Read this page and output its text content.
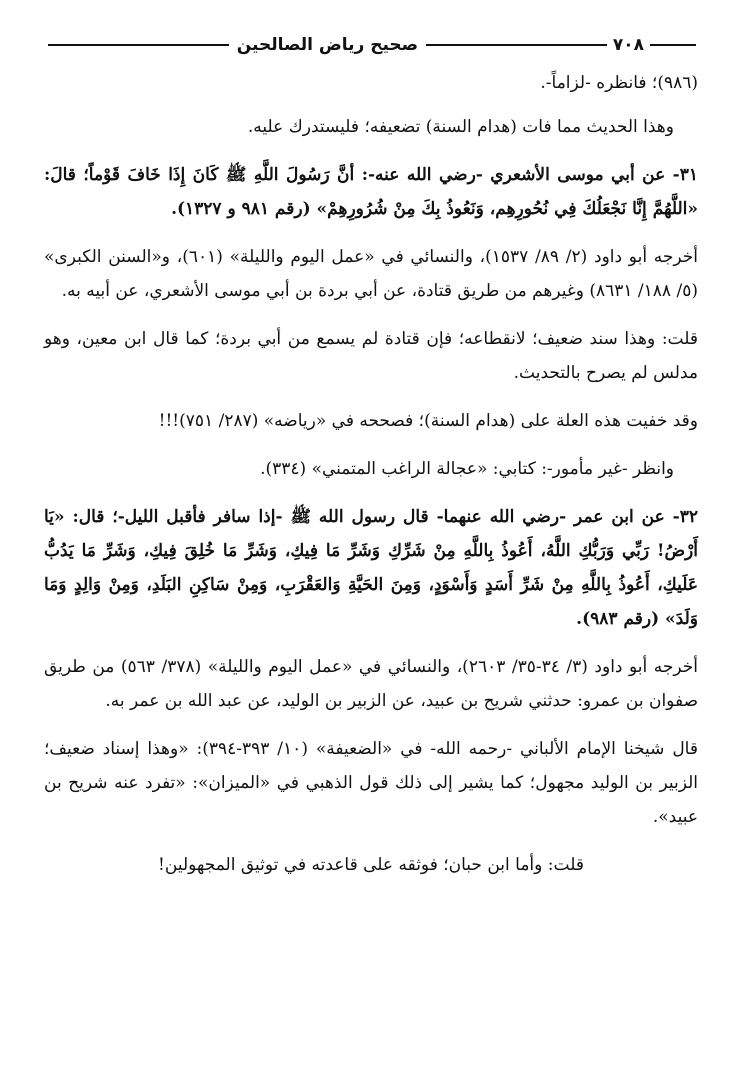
صحيح رياض الصالحين	٧٠٨

(٩٨٦)؛ فانظره -لزاماً-.

وهذا الحديث مما فات (هدام السنة) تضعيفه؛ فليستدرك عليه.

٣١- عن أبي موسى الأشعري -رضي الله عنه-: أنَّ رَسُولَ اللَّهِ ﷺ كَانَ إِذَا خَافَ قَوْماً؛ قالَ: «اللَّهُمَّ إِنَّا نَجْعَلُكَ فِي نُحُورِهِم، وَنَعُوذُ بِكَ مِنْ شُرُورِهِمْ» (رقم ٩٨١ و ١٣٢٧).

أخرجه أبو داود (٢/ ٨٩/ ١٥٣٧)، والنسائي في «عمل اليوم والليلة» (٦٠١)، و«السنن الكبرى» (٥/ ١٨٨/ ٨٦٣١) وغيرهم من طريق قتادة، عن أبي بردة بن أبي موسى الأشعري، عن أبيه به.

قلت: وهذا سند ضعيف؛ لانقطاعه؛ فإن قتادة لم يسمع من أبي بردة؛ كما قال ابن معين، وهو مدلس لم يصرح بالتحديث.

وقد خفيت هذه العلة على (هدام السنة)؛ فصححه في «رياضه» (٢٨٧/ ٧٥١)!!!

وانظر -غير مأمور-: كتابي: «عجالة الراغب المتمني» (٣٣٤).

٣٢- عن ابن عمر -رضي الله عنهما- قال رسول الله ﷺ -إذا سافر فأقبل الليل-؛ قال: «يَا أَرْضُ! رَبِّي وَرَبُّكِ اللَّهُ، أَعُوذُ بِاللَّهِ مِنْ شَرِّكِ وَشَرِّ مَا فِيكِ، وَشَرِّ مَا خُلِقَ فِيكِ، وَشَرِّ مَا يَدُبُّ عَلَيكِ، أَعُوذُ بِاللَّهِ مِنْ شَرِّ أَسَدٍ وَأَسْوَدٍ، وَمِنَ الحَيَّةِ وَالعَقْرَبِ، وَمِنْ سَاكِنِ البَلَدِ، وَمِنْ وَالِدٍ وَمَا وَلَدَ» (رقم ٩٨٣).

أخرجه أبو داود (٣/ ٣٤-٣٥/ ٢٦٠٣)، والنسائي في «عمل اليوم والليلة» (٣٧٨/ ٥٦٣) من طريق صفوان بن عمرو: حدثني شريح بن عبيد، عن الزبير بن الوليد، عن عبد الله بن عمر به.

قال شيخنا الإمام الألباني -رحمه الله- في «الضعيفة» (١٠/ ٣٩٣-٣٩٤): «وهذا إسناد ضعيف؛ الزبير بن الوليد مجهول؛ كما يشير إلى ذلك قول الذهبي في «الميزان»: «تفرد عنه شريح بن عبيد».

قلت: وأما ابن حبان؛ فوثقه على قاعدته في توثيق المجهولين!
